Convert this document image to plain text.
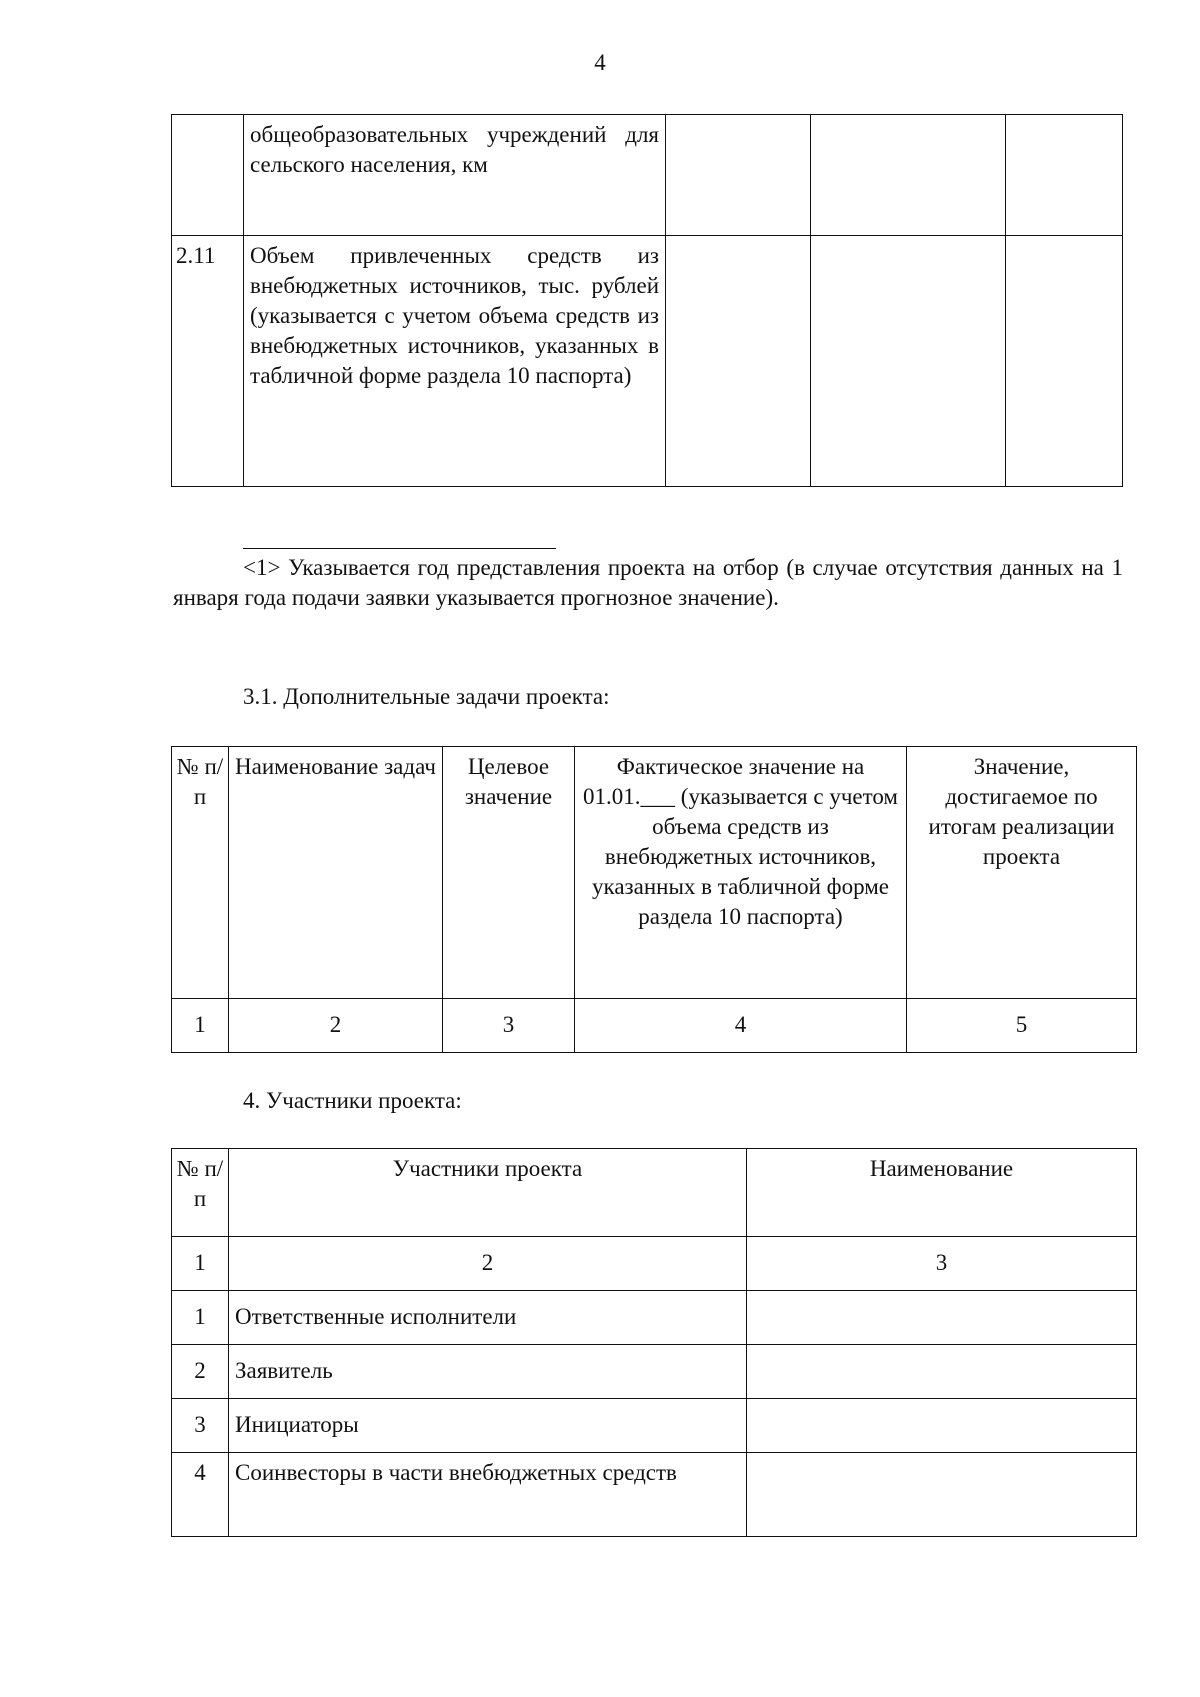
4
	общеобразовательных учреждений для сельского населения, км			
2.11	Объем привлеченных средств из внебюджетных источников, тыс. рублей (указывается с учетом объема средств из внебюджетных источников, указанных в табличной форме раздела 10 паспорта)			
<1> Указывается год представления проекта на отбор (в случае отсутствия данных на 1 января года подачи заявки указывается прогнозное значение).
3.1. Дополнительные задачи проекта:
№ п/п	Наименование задач	Целевое значение	Фактическое значение на 01.01.___ (указывается с учетом объема средств из внебюджетных источников, указанных в табличной форме раздела 10 паспорта)	Значение, достигаемое по итогам реализации проекта
1	2	3	4	5
4. Участники проекта:
№ п/п	Участники проекта	Наименование
1	2	3
1	Ответственные исполнители	
2	Заявитель	
3	Инициаторы	
4	Соинвесторы в части внебюджетных средств	
